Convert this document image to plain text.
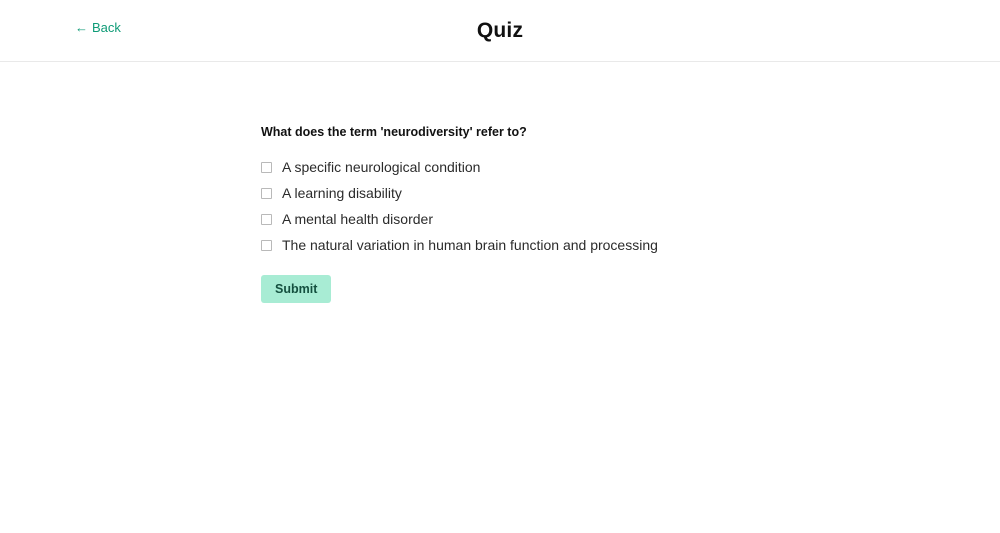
← Back	Quiz

What does the term 'neurodiversity' refer to?

A specific neurological condition
A learning disability
A mental health disorder
The natural variation in human brain function and processing
Submit
